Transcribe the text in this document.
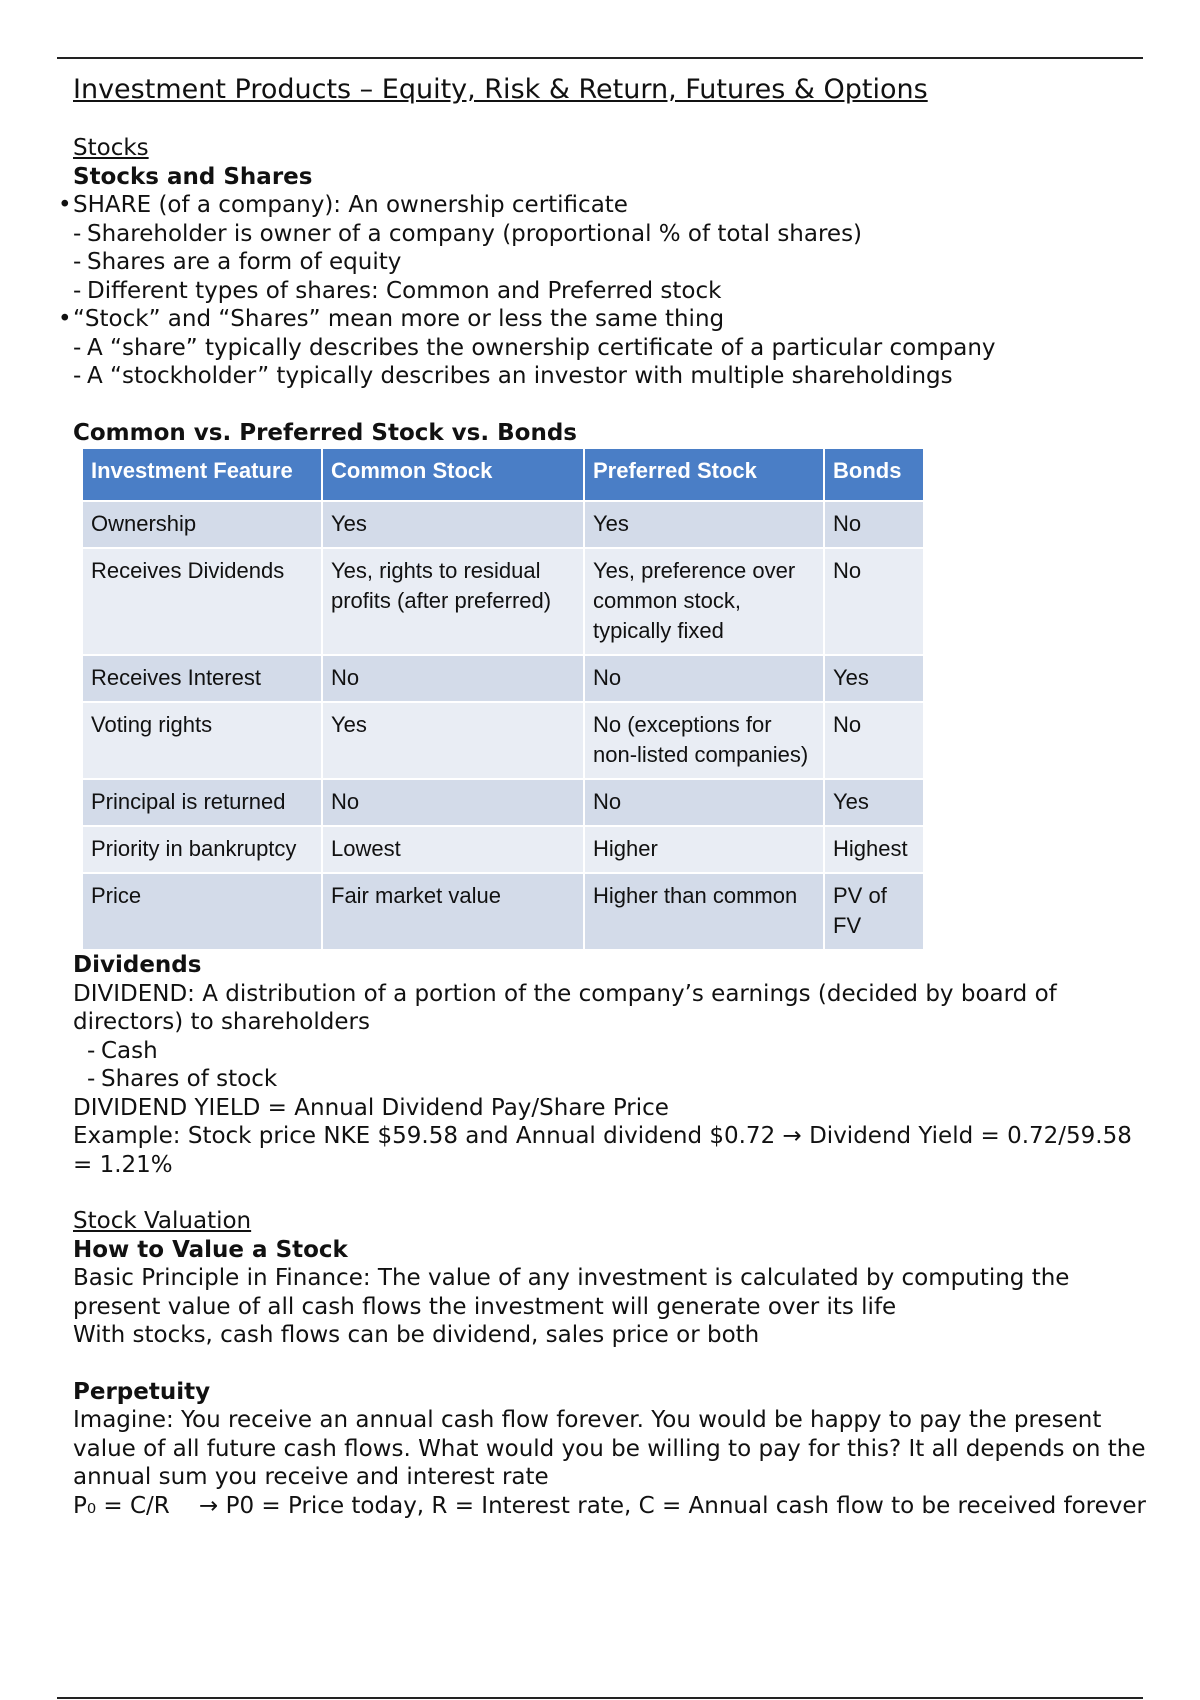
Investment Products – Equity, Risk & Return, Futures & Options
Stocks
Stocks and Shares
• SHARE (of a company): An ownership certificate
- Shareholder is owner of a company (proportional % of total shares)
- Shares are a form of equity
- Different types of shares: Common and Preferred stock
• “Stock” and “Shares” mean more or less the same thing
- A “share” typically describes the ownership certificate of a particular company
- A “stockholder” typically describes an investor with multiple shareholdings
Common vs. Preferred Stock vs. Bonds
Investment Feature	Common Stock	Preferred Stock	Bonds
Ownership	Yes	Yes	No
Receives Dividends	Yes, rights to residual profits (after preferred)	Yes, preference over common stock, typically fixed	No
Receives Interest	No	No	Yes
Voting rights	Yes	No (exceptions for non-listed companies)	No
Principal is returned	No	No	Yes
Priority in bankruptcy	Lowest	Higher	Highest
Price	Fair market value	Higher than common	PV of FV
Dividends
DIVIDEND: A distribution of a portion of the company’s earnings (decided by board of directors) to shareholders
- Cash
- Shares of stock
DIVIDEND YIELD = Annual Dividend Pay/Share Price
Example: Stock price NKE $59.58 and Annual dividend $0.72 → Dividend Yield = 0.72/59.58 = 1.21%
Stock Valuation
How to Value a Stock
Basic Principle in Finance: The value of any investment is calculated by computing the present value of all cash flows the investment will generate over its life
With stocks, cash flows can be dividend, sales price or both
Perpetuity
Imagine: You receive an annual cash flow forever. You would be happy to pay the present value of all future cash flows. What would you be willing to pay for this? It all depends on the annual sum you receive and interest rate
P₀ = C/R    → P0 = Price today, R = Interest rate, C = Annual cash flow to be received forever
